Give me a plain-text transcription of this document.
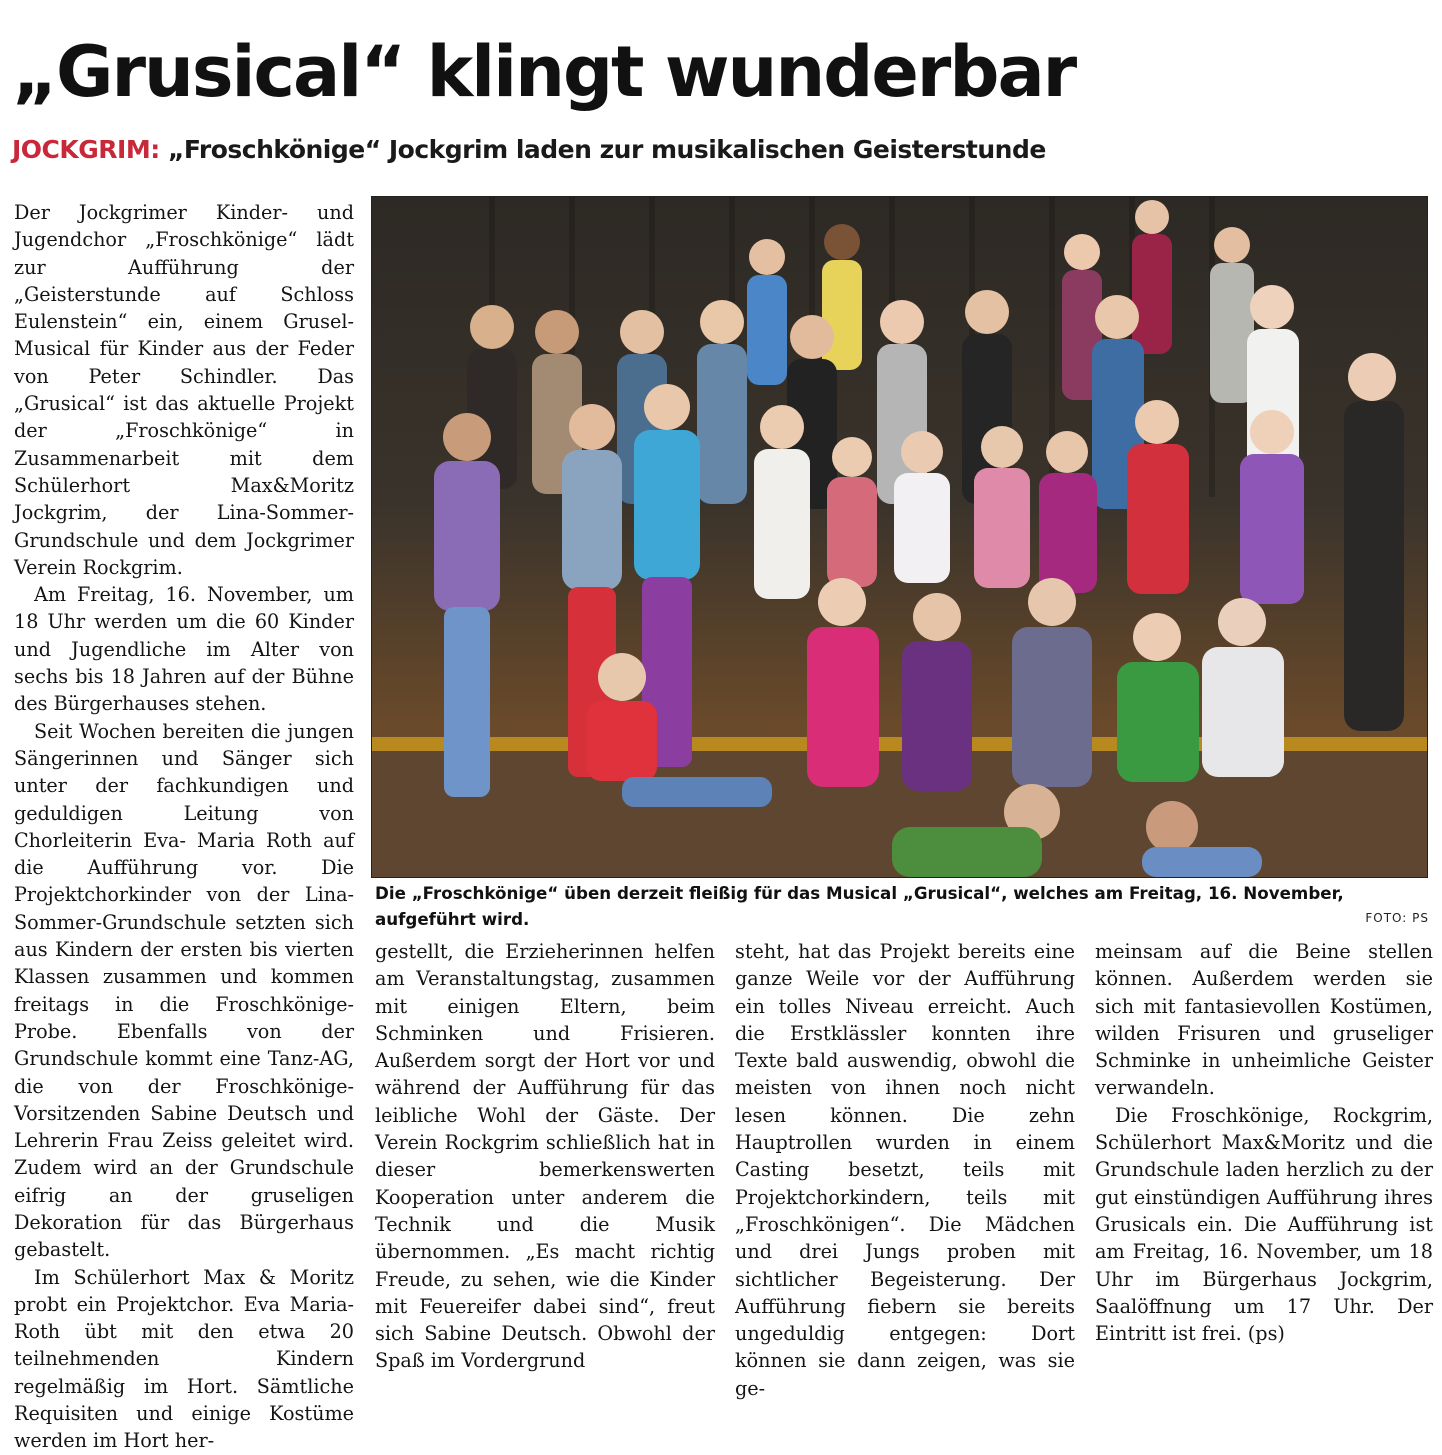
„Grusical“ klingt wunderbar
JOCKGRIM: „Froschkönige“ Jockgrim laden zur musikalischen Geisterstunde

Der Jockgrimer Kinder- und Jugendchor „Froschkönige“ lädt zur Aufführung der „Geisterstunde auf Schloss Eulenstein“ ein, einem Grusel-Musical für Kinder aus der Feder von Peter Schindler. Das „Grusical“ ist das aktuelle Projekt der „Froschkönige“ in Zusammenarbeit mit dem Schülerhort Max&Moritz Jockgrim, der Lina-Sommer-Grundschule und dem Jockgrimer Verein Rockgrim.

Am Freitag, 16. November, um 18 Uhr werden um die 60 Kinder und Jugendliche im Alter von sechs bis 18 Jahren auf der Bühne des Bürgerhauses stehen.

Seit Wochen bereiten die jungen Sängerinnen und Sänger sich unter der fachkundigen und geduldigen Leitung von Chorleiterin Eva- Maria Roth auf die Aufführung vor. Die Projektchorkinder von der Lina-Sommer-Grundschule setzten sich aus Kindern der ersten bis vierten Klassen zusammen und kommen freitags in die Froschkönige- Probe. Ebenfalls von der Grundschule kommt eine Tanz-AG, die von der Froschkönige-Vorsitzenden Sabine Deutsch und Lehrerin Frau Zeiss geleitet wird. Zudem wird an der Grundschule eifrig an der gruseligen Dekoration für das Bürgerhaus gebastelt.

Im Schülerhort Max & Moritz probt ein Projektchor. Eva Maria-Roth übt mit den etwa 20 teilnehmenden Kindern regelmäßig im Hort. Sämtliche Requisiten und einige Kostüme werden im Hort her-

Die „Froschkönige“ üben derzeit fleißig für das Musical „Grusical“, welches am Freitag, 16. November, aufgeführt wird.	FOTO: PS

gestellt, die Erzieherinnen helfen am Veranstaltungstag, zusammen mit einigen Eltern, beim Schminken und Frisieren. Außerdem sorgt der Hort vor und während der Aufführung für das leibliche Wohl der Gäste. Der Verein Rockgrim schließlich hat in dieser bemerkenswerten Kooperation unter anderem die Technik und die Musik übernommen. „Es macht richtig Freude, zu sehen, wie die Kinder mit Feuereifer dabei sind“, freut sich Sabine Deutsch. Obwohl der Spaß im Vordergrund

steht, hat das Projekt bereits eine ganze Weile vor der Aufführung ein tolles Niveau erreicht. Auch die Erstklässler konnten ihre Texte bald auswendig, obwohl die meisten von ihnen noch nicht lesen können. Die zehn Hauptrollen wurden in einem Casting besetzt, teils mit Projektchorkindern, teils mit „Froschkönigen“. Die Mädchen und drei Jungs proben mit sichtlicher Begeisterung. Der Aufführung fiebern sie bereits ungeduldig entgegen: Dort können sie dann zeigen, was sie ge-

meinsam auf die Beine stellen können. Außerdem werden sie sich mit fantasievollen Kostümen, wilden Frisuren und gruseliger Schminke in unheimliche Geister verwandeln.

Die Froschkönige, Rockgrim, Schülerhort Max&Moritz und die Grundschule laden herzlich zu der gut einstündigen Aufführung ihres Grusicals ein. Die Aufführung ist am Freitag, 16. November, um 18 Uhr im Bürgerhaus Jockgrim, Saalöffnung um 17 Uhr. Der Eintritt ist frei. (ps)
